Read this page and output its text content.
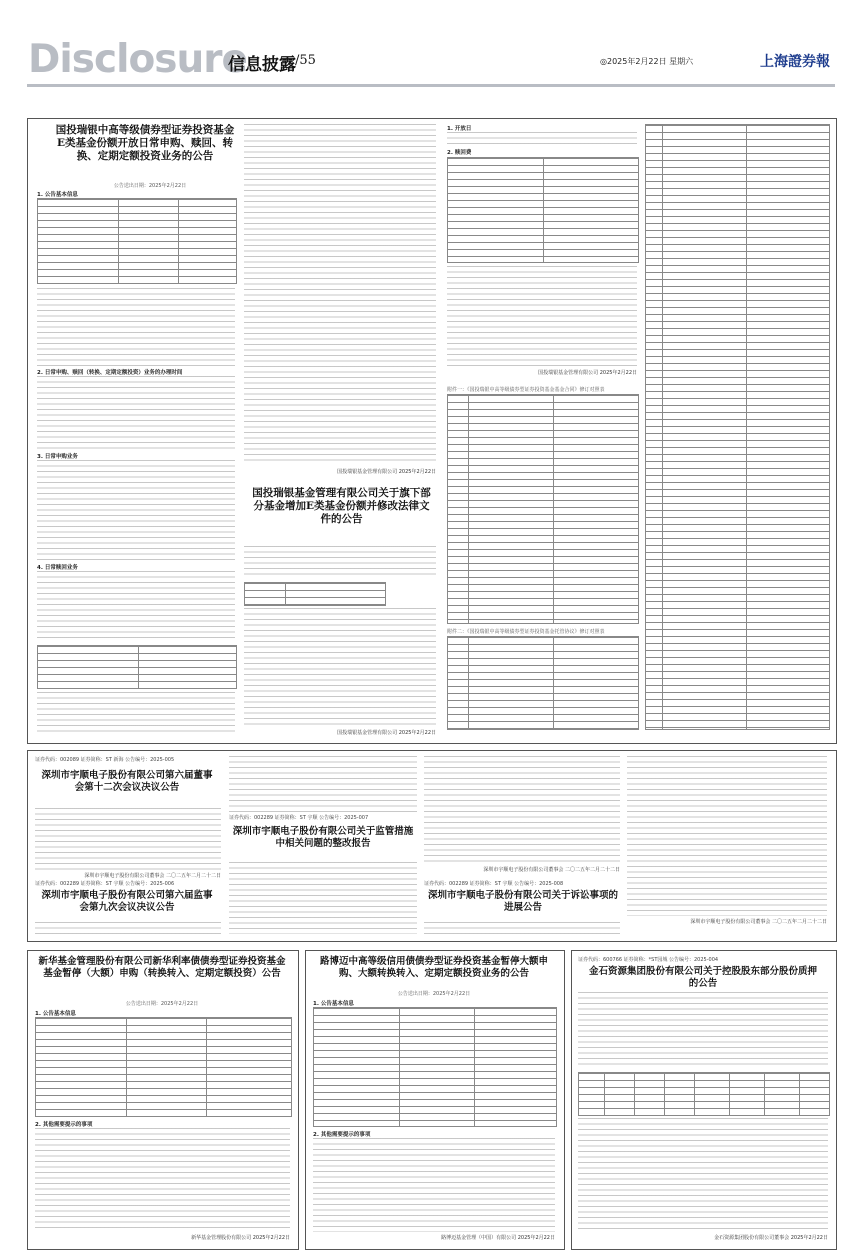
Disclosure
信息披露 /55	◎2025年2月22日 星期六	上海證券報
国投瑞银中高等级债券型证券投资基金E类基金份额开放日常申购、赎回、转换、定期定额投资业务的公告
公告送出日期：2025年2月22日
1. 公告基本信息
2. 日常申购、赎回（转换、定期定额投资）业务的办理时间
3. 日常申购业务
4. 日常赎回业务
国投瑞银基金管理有限公司 2025年2月22日
国投瑞银基金管理有限公司关于旗下部分基金增加E类基金份额并修改法律文件的公告
国投瑞银基金管理有限公司 2025年2月22日
1. 开放日
2. 赎回费
国投瑞银基金管理有限公司 2025年2月22日
附件一：《国投瑞银中高等级债券型证券投资基金基金合同》修订对照表
附件二：《国投瑞银中高等级债券型证券投资基金托管协议》修订对照表
证券代码：002089 证券简称：ST 新海 公告编号：2025-005
深圳市宇顺电子股份有限公司第六届董事会第十二次会议决议公告
深圳市宇顺电子股份有限公司董事会 二〇二五年二月二十二日
证券代码：002289 证券简称：ST 宇顺 公告编号：2025-006
深圳市宇顺电子股份有限公司第六届监事会第九次会议决议公告
证券代码：002289 证券简称：ST 宇顺 公告编号：2025-007
深圳市宇顺电子股份有限公司关于监管措施中相关问题的整改报告
深圳市宇顺电子股份有限公司董事会 二〇二五年二月二十二日
证券代码：002289 证券简称：ST 宇顺 公告编号：2025-008
深圳市宇顺电子股份有限公司关于诉讼事项的进展公告
深圳市宇顺电子股份有限公司董事会 二〇二五年二月二十二日
新华基金管理股份有限公司新华利率债债券型证券投资基金基金暂停（大额）申购（转换转入、定期定额投资）公告
公告送出日期：2025年2月22日
1. 公告基本信息
2. 其他需要提示的事项
新华基金管理股份有限公司 2025年2月22日
路博迈中高等级信用债债券型证券投资基金暂停大额申购、大额转换转入、定期定额投资业务的公告
公告送出日期：2025年2月22日
1. 公告基本信息
2. 其他需要提示的事项
路博迈基金管理（中国）有限公司 2025年2月22日
证券代码：600766 证券简称：*ST园城 公告编号：2025-004
金石资源集团股份有限公司关于控股股东部分股份质押的公告
金石资源集团股份有限公司董事会 2025年2月22日
